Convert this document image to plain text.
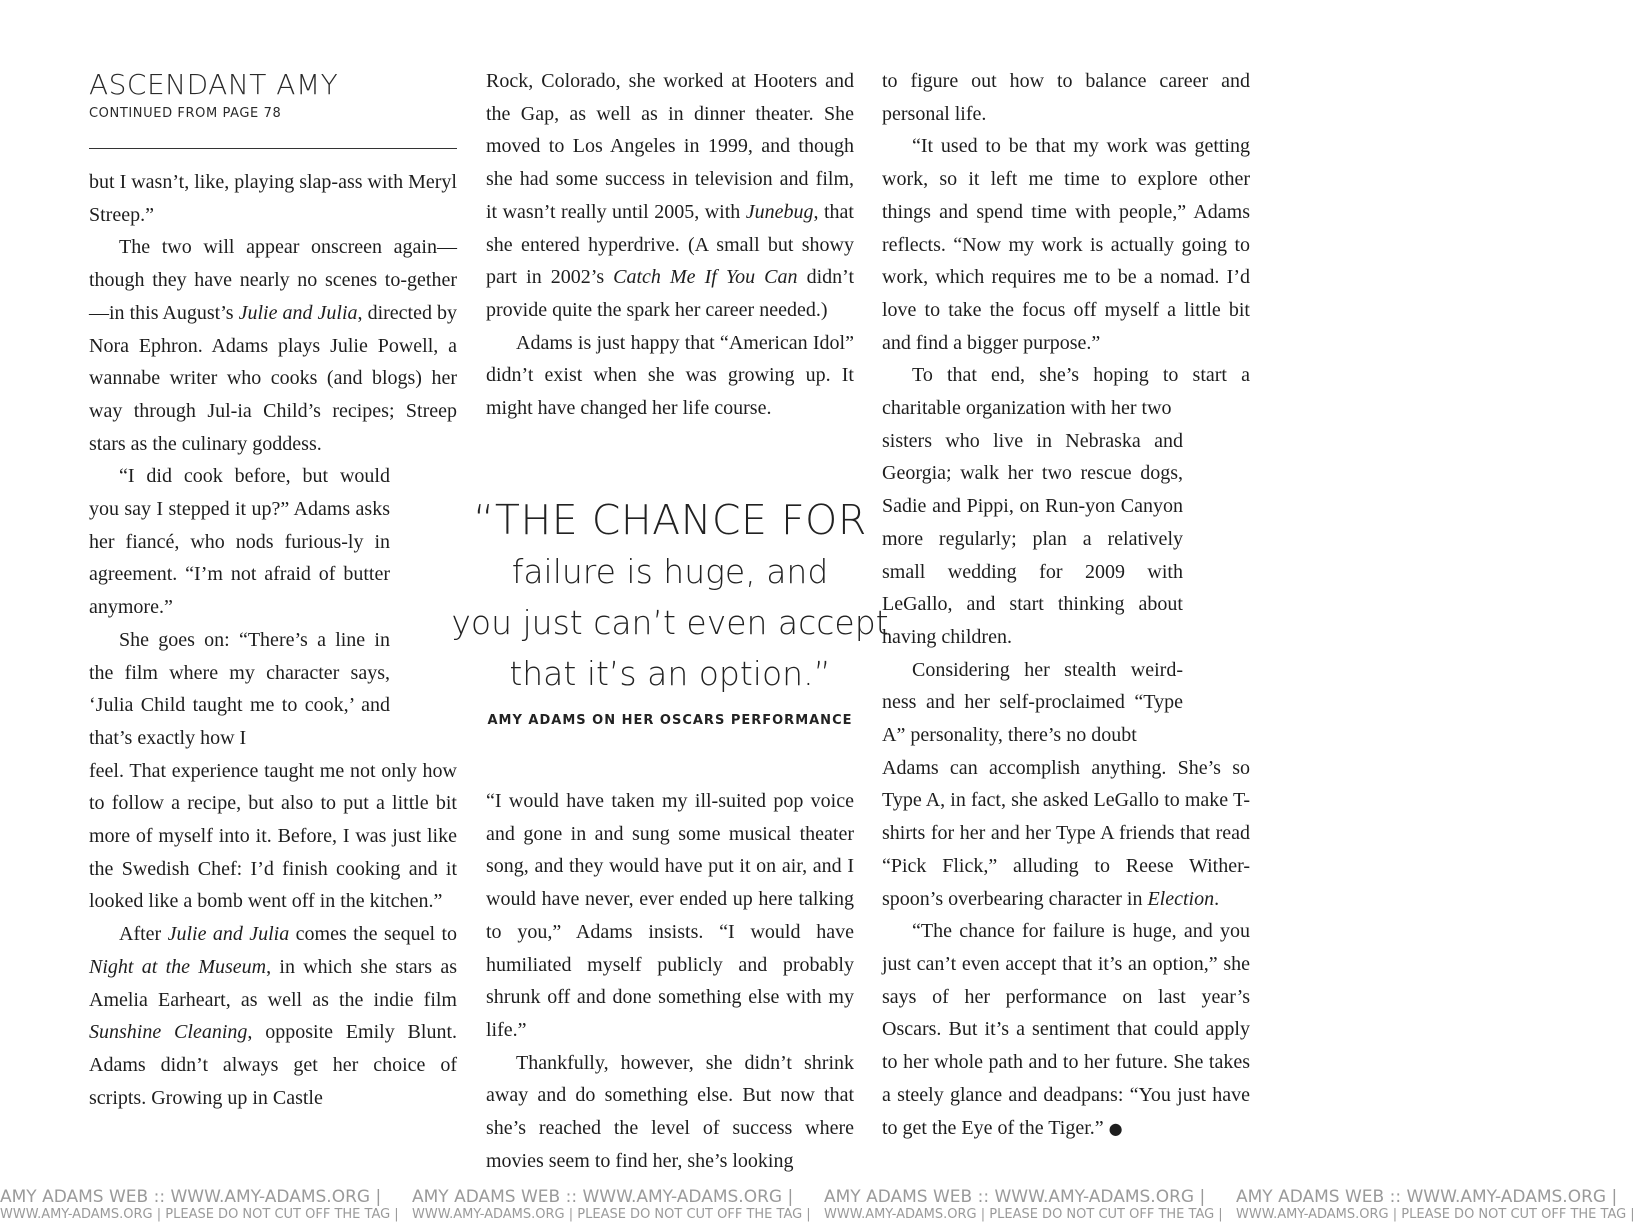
ASCENDANT AMY
CONTINUED FROM PAGE 78

but I wasn’t, like, playing slap-ass with Meryl Streep.”

The two will appear onscreen again—though they have nearly no scenes to-gether—in this August’s Julie and Julia, directed by Nora Ephron. Adams plays Julie Powell, a wannabe writer who cooks (and blogs) her way through Jul-ia Child’s recipes; Streep stars as the culinary goddess.

“I did cook before, but would you say I stepped it up?” Adams asks her fiancé, who nods furious-ly in agreement. “I’m not afraid of butter anymore.”

She goes on: “There’s a line in the film where my character says, ‘Julia Child taught me to cook,’ and that’s exactly how I

feel. That experience taught me not only how to follow a recipe, but also to put a little bit more of myself into it. Before, I was just like the Swedish Chef: I’d finish cooking and it looked like a bomb went off in the kitchen.”

After Julie and Julia comes the sequel to Night at the Museum, in which she stars as Amelia Earheart, as well as the indie film Sunshine Cleaning, opposite Emily Blunt. Adams didn’t always get her choice of scripts. Growing up in Castle

Rock, Colorado, she worked at Hooters and the Gap, as well as in dinner theater. She moved to Los Angeles in 1999, and though she had some success in television and film, it wasn’t really until 2005, with Junebug, that she entered hyperdrive. (A small but showy part in 2002’s Catch Me If You Can didn’t provide quite the spark her career needed.)

Adams is just happy that “American Idol” didn’t exist when she was growing up. It might have changed her life course.

“THE CHANCE FOR
failure is huge, and
you just can’t even accept
that it’s an option.”
AMY ADAMS ON HER OSCARS PERFORMANCE

“I would have taken my ill-suited pop voice and gone in and sung some musical theater song, and they would have put it on air, and I would have never, ever ended up here talking to you,” Adams insists. “I would have humiliated myself publicly and probably shrunk off and done something else with my life.”

Thankfully, however, she didn’t shrink away and do something else. But now that she’s reached the level of success where movies seem to find her, she’s looking

to figure out how to balance career and personal life.

“It used to be that my work was getting work, so it left me time to explore other things and spend time with people,” Adams reflects. “Now my work is actually going to work, which requires me to be a nomad. I’d love to take the focus off myself a little bit and find a bigger purpose.”

To that end, she’s hoping to start a charitable organization with her two

sisters who live in Nebraska and Georgia; walk her two rescue dogs, Sadie and Pippi, on Run-yon Canyon more regularly; plan a relatively small wedding for 2009 with LeGallo, and start thinking about having children.

Considering her stealth weird-ness and her self-proclaimed “Type A” personality, there’s no doubt

Adams can accomplish anything. She’s so Type A, in fact, she asked LeGallo to make T-shirts for her and her Type A friends that read “Pick Flick,” alluding to Reese Wither-spoon’s overbearing character in Election.

“The chance for failure is huge, and you just can’t even accept that it’s an option,” she says of her performance on last year’s Oscars. But it’s a sentiment that could apply to her whole path and to her future. She takes a steely glance and deadpans: “You just have to get the Eye of the Tiger.” ●

AMY ADAMS WEB :: WWW.AMY-ADAMS.ORG | AMY ADAMS WEB :: WWW.AMY-ADAMS.ORG | AMY ADAMS WEB :: WWW.AMY-ADAMS.ORG | AMY ADAMS WEB :: WWW.AMY-ADAMS.ORG |
WWW.AMY-ADAMS.ORG | PLEASE DO NOT CUT OFF THE TAG | WWW.AMY-ADAMS.ORG | PLEASE DO NOT CUT OFF THE TAG | WWW.AMY-ADAMS.ORG | PLEASE DO NOT CUT OFF THE TAG | WWW.AMY-ADAMS.ORG | PLEASE DO NOT CUT OFF THE TAG |
